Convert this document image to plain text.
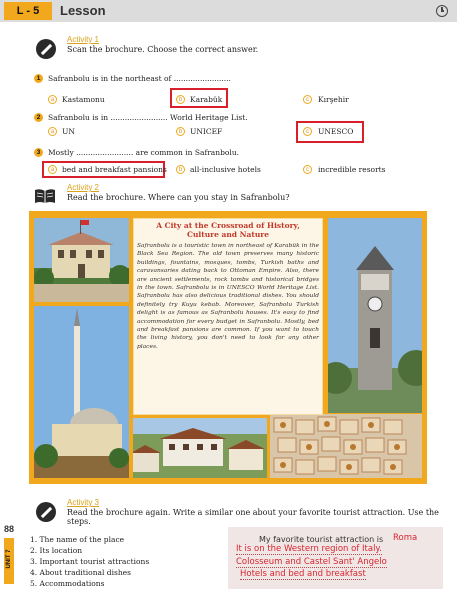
L - 5	Lesson
Activity 1
Scan the brochure. Choose the correct answer.
1	Safranbolu is in the northeast of ........................
a	Kastamonu	b	Karabük	c	Kırşehir
2	Safranbolu is in ........................ World Heritage List.
a	UN	b	UNICEF	c	UNESCO
3	Mostly ........................ are common in Safranbolu.
a	bed and breakfast pansions	b	all-inclusive hotels	c	incredible resorts
Activity 2
Read the brochure. Where can you stay in Safranbolu?
A City at the Crossroad of History,
Culture and Nature
Safranbolu is a touristic town in northeast of Karabük in the Black Sea Region. The old town preserves many historic buildings, fountains, mosques, tombs, Turkish baths and caravansaries dating back to Ottoman Empire. Also, there are ancient settlements, rock tombs and historical bridges in the town. Safranbolu is in UNESCO World Heritage List. Safranbolu has also delicious traditional dishes. You should definitely try Kuyu kebab. Moreover, Safranbolu Turkish delight is as famous as Safranbolu houses. It's easy to find accommodation for every budget in Safranbolu. Mostly, bed and breakfast pansions are common. If you want to touch the living history, you don't need to look for any other places.
Activity 3
Read the brochure again. Write a similar one about your favorite tourist attraction. Use the steps.
88
UNIT 7
1. The name of the place
2. Its location
3. Important tourist attractions
4. About traditional dishes
5. Accommodations
My favorite tourist attraction is Roma
It is on the Western region of Italy.
Colosseum and Castel Sant' Angelo
Hotels and bed and breakfast
